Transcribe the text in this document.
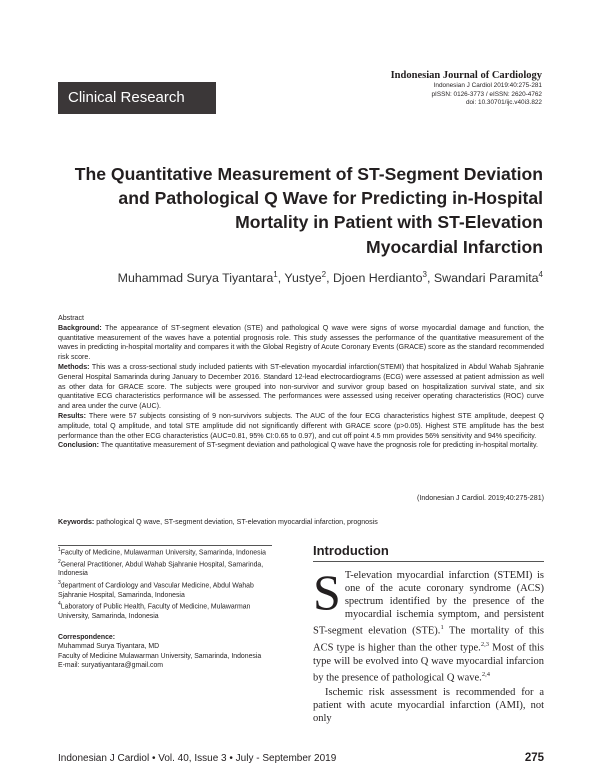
Indonesian Journal of Cardiology
Indonesian J Cardiol 2019:40:275-281
pISSN: 0126-3773 / eISSN: 2620-4762
doi: 10.30701/ijc.v40i3.822
Clinical Research
The Quantitative Measurement of ST-Segment Deviation
and Pathological Q Wave for Predicting in-Hospital
Mortality in Patient with ST-Elevation
Myocardial Infarction
Muhammad Surya Tiyantara$^1$, Yustye$^2$, Djoen Herdianto$^3$, Swandari Paramita$^4$

Abstract

Background: The appearance of ST-segment elevation (STE) and pathological Q wave were signs of worse myocardial damage and function, the quantitative measurement of the waves have a potential prognosis role. This study assesses the performance of the quantitative measurement of the waves in predicting in-hospital mortality and compares it with the Global Registry of Acute Coronary Events (GRACE) score as the standard recommended risk score.

Methods: This was a cross-sectional study included patients with ST-elevation myocardial infarction(STEMI) that hospitalized in Abdul Wahab Sjahranie General Hospital Samarinda during January to December 2016. Standard 12-lead electrocardiograms (ECG) were assessed at patient admission as well as other data for GRACE score. The subjects were grouped into non-survivor and survivor group based on hospitalization survival state, and six quantitative ECG characteristics performance will be assessed. The performances were assessed using receiver operating characteristics (ROC) curve and area under the curve (AUC).

Results: There were 57 subjects consisting of 9 non-survivors subjects. The AUC of the four ECG characteristics highest STE amplitude, deepest Q amplitude, total Q amplitude, and total STE amplitude did not significantly different with GRACE score (p>0.05). Highest STE amplitude has the best performance than the other ECG characteristics (AUC=0.81, 95% CI:0.65 to 0.97), and cut off point 4.5 mm provides 56% sensitivity and 94% specificity.

Conclusion: The quantitative measurement of ST-segment deviation and pathological Q wave have the prognosis role for predicting in-hospital mortality.

(Indonesian J Cardiol. 2019;40:275-281)
Keywords: pathological Q wave, ST-segment deviation, ST-elevation myocardial infarction, prognosis

$^1$Faculty of Medicine, Mulawarman University, Samarinda, Indonesia

$^2$General Practitioner, Abdul Wahab Sjahranie Hospital, Samarinda, Indonesia

$^3$department of Cardiology and Vascular Medicine, Abdul Wahab Sjahranie Hospital, Samarinda, Indonesia

$^4$Laboratory of Public Health, Faculty of Medicine, Mulawarman University, Samarinda, Indonesia

Correspondence:

Muhammad Surya Tiyantara, MD

Faculty of Medicine Mulawarman University, Samarinda, Indonesia

E-mail: suryatiyantara@gmail.com

Introduction

S T-elevation myocardial infarction (STEMI) is one of the acute coronary syndrome (ACS) spectrum identified by the presence of the myocardial ischemia symptom, and persistent ST-segment elevation (STE).$^1$ The mortality of this ACS type is higher than the other type.$^{2,3}$ Most of this type will be evolved into Q wave myocardial infarcion by the presence of pathological Q wave.$^{2,4}$

Ischemic risk assessment is recommended for a patient with acute myocardial infarction (AMI), not only

Indonesian J Cardiol • Vol. 40, Issue 3 • July - September 2019	275
